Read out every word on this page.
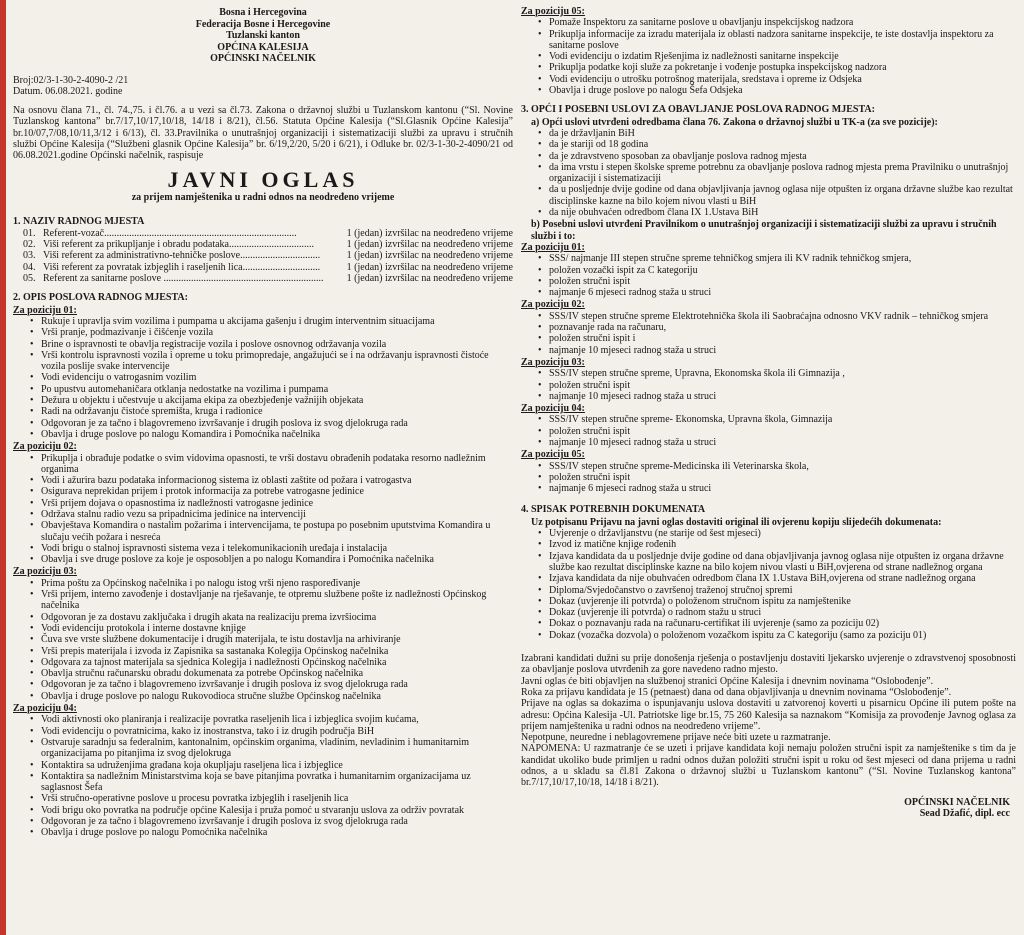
Bosna i Hercegovina
Federacija Bosne i Hercegovine
Tuzlanski kanton
OPĆINA KALESIJA
OPĆINSKI NAČELNIK
Broj:02/3-1-30-2-4090-2 /21
Datum. 06.08.2021. godine
Na osnovu člana 71., čl. 74.,75. i čl.76. a u vezi sa čl.73. Zakona o državnoj službi u Tuzlanskom kantonu (“Sl. Novine Tuzlanskog kantona” br.7/17,10/17,10/18, 14/18 i 8/21), čl.56. Statuta Općine Kalesija (“Sl.Glasnik Općine Kalesija” br.10/07,7/08,10/11,3/12 i 6/13), čl. 33.Pravilnika o unutrašnjoj organizaciji i sistematizaciji službi za upravu i stručnih službi Općine Kalesija (“Službeni glasnik Općine Kalesija” br. 6/19,2/20, 5/20 i 6/21), i Odluke br. 02/3-1-30-2-4090/21 od 06.08.2021.godine Općinski načelnik, raspisuje
JAVNI OGLAS
za prijem namještenika u radni odnos na neodređeno vrijeme
1. NAZIV RADNOG MJESTA
01. Referent-vozač.............................................................................	1 (jedan) izvršilac na neodređeno vrijeme
02. Viši referent za prikupljanje i obradu podataka..................................	1 (jedan) izvršilac na neodređeno vrijeme
03. Viši referent za administrativno-tehničke poslove................................	1 (jedan) izvršilac na neodređeno vrijeme
04. Viši referent za povratak izbjeglih i raseljenih lica...............................	1 (jedan) izvršilac na neodređeno vrijeme
05. Referent za sanitarne poslove ................................................................	1 (jedan) izvršilac na neodređeno vrijeme
2. OPIS POSLOVA RADNOG MJESTA:
Za poziciju 01:
• Rukuje i upravlja svim vozilima i pumpama u akcijama gašenju i drugim interventnim situacijama
• Vrši pranje, podmazivanje i čišćenje vozila
• Brine o ispravnosti te obavlja registracije vozila i poslove osnovnog održavanja vozila
• Vrši kontrolu ispravnosti vozila i opreme u toku primopredaje, angažujući se i na održavanju ispravnosti čistoće vozila poslije svake intervencije
• Vodi evidenciju o vatrogasnim vozilim
• Po upustvu automehaničara otklanja nedostatke na vozilima i pumpama
• Dežura u objektu i učestvuje u akcijama ekipa za obezbjeđenje važnijih objekata
• Radi na održavanju čistoće spremišta, kruga i radionice
• Odgovoran je za tačno i blagovremeno izvršavanje i drugih poslova iz svog djelokruga rada
• Obavlja i druge poslove po nalogu Komandira i Pomoćnika načelnika
Za poziciju 02:
• Prikuplja i obrađuje podatke o svim vidovima opasnosti, te vrši dostavu obrađenih podataka resorno nadležnim organima
• Vodi i ažurira bazu podataka informacionog sistema iz oblasti zaštite od požara i vatrogastva
• Osigurava neprekidan prijem i protok informacija za potrebe vatrogasne jedinice
• Vrši prijem dojava o opasnostima iz nadležnosti vatrogasne jedinice
• Održava stalnu radio vezu sa pripadnicima jedinice na intervenciji
• Obavještava Komandira o nastalim požarima i intervencijama, te postupa po posebnim uputstvima Komandira u slučaju većih požara i nesreća
• Vodi brigu o stalnoj ispravnosti sistema veza i telekomunikacionih uređaja i instalacija
• Obavlja i sve druge poslove za koje je osposobljen a po nalogu Komandira i Pomoćnika načelnika
Za poziciju 03:
• Prima poštu za Općinskog načelnika i po nalogu istog vrši njeno raspoređivanje
• Vrši prijem, interno zavođenje i dostavljanje na rješavanje, te otpremu službene pošte iz nadležnosti Općinskog načelnika
• Odgovoran je za dostavu zaključaka i drugih akata na realizaciju prema izvršiocima
• Vodi evidenciju protokola i interne dostavne knjige
• Čuva sve vrste službene dokumentacije i drugih materijala, te istu dostavlja na arhiviranje
• Vrši prepis materijala i izvoda iz Zapisnika sa sastanaka Kolegija Općinskog načelnika
• Odgovara za tajnost materijala sa sjednica Kolegija i nadležnosti Općinskog načelnika
• Obavlja stručnu računarsku obradu dokumenata za potrebe Općinskog načelnika
• Odgovoran je za tačno i blagovremeno izvršavanje i drugih poslova iz svog djelokruga rada
• Obavlja i druge poslove po nalogu Rukovodioca stručne službe Općinskog načelnika
Za poziciju 04:
• Vodi aktivnosti oko planiranja i realizacije povratka raseljenih lica i izbjeglica svojim kućama,
• Vodi evidenciju o povratnicima, kako iz inostranstva, tako i iz drugih područja BiH
• Ostvaruje saradnju sa federalnim, kantonalnim, općinskim organima, vladinim, nevladinim i humanitarnim organizacijama po pitanjima iz svog djelokruga
• Kontaktira sa udruženjima građana koja okupljaju raseljena lica i izbjeglice
• Kontaktira sa nadležnim Ministarstvima koja se bave pitanjima povratka i humanitarnim organizacijama uz saglasnost Šefa
• Vrši stručno-operativne poslove u procesu povratka izbjeglih i raseljenih lica
• Vodi brigu oko povratka na područje općine Kalesija i pruža pomoć u stvaranju uslova za održiv povratak
• Odgovoran je za tačno i blagovremeno izvršavanje i drugih poslova iz svog djelokruga rada
• Obavlja i druge poslove po nalogu Pomoćnika načelnika
Za poziciju 05:
• Pomaže Inspektoru za sanitarne poslove u obavljanju inspekcijskog nadzora
• Prikuplja informacije za izradu materijala iz oblasti nadzora sanitarne inspekcije, te iste dostavlja inspektoru za sanitarne poslove
• Vodi evidenciju o izdatim Rješenjima iz nadležnosti sanitarne inspekcije
• Prikuplja podatke koji služe za pokretanje i vođenje postupka inspekcijskog nadzora
• Vodi evidenciju o utrošku potrošnog materijala, sredstava i opreme iz Odsjeka
• Obavlja i druge poslove po nalogu Šefa Odsjeka
3. OPĆI I POSEBNI USLOVI ZA OBAVLJANJE POSLOVA RADNOG MJESTA:
a) Opći uslovi utvrđeni odredbama člana 76. Zakona o državnoj službi u TK-a (za sve pozicije):
• da je državljanin BiH
• da je stariji od 18 godina
• da je zdravstveno sposoban za obavljanje poslova radnog mjesta
• da ima vrstu i stepen školske spreme potrebnu za obavljanje poslova radnog mjesta prema Pravilniku o unutrašnjoj organizaciji i sistematizaciji
• da u posljednje dvije godine od dana objavljivanja javnog oglasa nije otpušten iz organa državne službe kao rezultat disciplinske kazne na bilo kojem nivou vlasti u BiH
• da nije obuhvaćen odredbom člana IX 1.Ustava BiH
b) Posebni uslovi utvrđeni Pravilnikom o unutrašnjoj organizaciji i sistematizaciji službi za upravu i stručnih službi i to:
Za poziciju 01:
• SSS/ najmanje III stepen stručne spreme tehničkog smjera ili KV radnik tehničkog smjera,
• položen vozački ispit za C kategoriju
• položen stručni ispit
• najmanje 6 mjeseci radnog staža u struci
Za poziciju 02:
• SSS/IV stepen stručne spreme Elektrotehnička škola ili Saobraćajna odnosno VKV radnik – tehničkog smjera
• poznavanje rada na računaru,
• položen stručni ispit i
• najmanje 10 mjeseci radnog staža u struci
Za poziciju 03:
• SSS/IV stepen stručne spreme, Upravna, Ekonomska škola ili Gimnazija ,
• položen stručni ispit
• najmanje 10 mjeseci radnog staža u struci
Za poziciju 04:
• SSS/IV stepen stručne spreme- Ekonomska, Upravna škola, Gimnazija
• položen stručni ispit
• najmanje 10 mjeseci radnog staža u struci
Za poziciju 05:
• SSS/IV stepen stručne spreme-Medicinska ili Veterinarska škola,
• položen stručni ispit
• najmanje 6 mjeseci radnog staža u struci
4. SPISAK POTREBNIH DOKUMENATA
Uz potpisanu Prijavu na javni oglas dostaviti original ili ovjerenu kopiju slijedećih dokumenata:
• Uvjerenje o državljanstvu (ne starije od šest mjeseci)
• Izvod iz matične knjige rođenih
• Izjava kandidata da u posljednje dvije godine od dana objavljivanja javnog oglasa nije otpušten iz organa državne službe kao rezultat disciplinske kazne na bilo kojem nivou vlasti u BiH,ovjerena od strane nadležnog organa
• Izjava kandidata da nije obuhvaćen odredbom člana IX 1.Ustava BiH,ovjerena od strane nadležnog organa
• Diploma/Svjedočanstvo o završenoj traženoj stručnoj spremi
• Dokaz (uvjerenje ili potvrda) o položenom stručnom ispitu za namještenike
• Dokaz (uvjerenje ili potvrda) o radnom stažu u struci
• Dokaz o poznavanju rada na računaru-certifikat ili uvjerenje (samo za poziciju 02)
• Dokaz (vozačka dozvola) o položenom vozačkom ispitu za C kategoriju (samo za poziciju 01)

Izabrani kandidati dužni su prije donošenja rješenja o postavljenju dostaviti ljekarsko uvjerenje o zdravstvenoj sposobnosti za obavljanje poslova utvrđenih za gore navedeno radno mjesto.

Javni oglas će biti objavljen na službenoj stranici Općine Kalesija i dnevnim novinama “Oslobođenje”.

Roka za prijavu kandidata je 15 (petnaest) dana od dana objavljivanja u dnevnim novinama “Oslobođenje”.

Prijave na oglas sa dokazima o ispunjavanju uslova dostaviti u zatvorenoj koverti u pisarnicu Općine ili putem pošte na adresu: Općina Kalesija -Ul. Patriotske lige br.15, 75 260 Kalesija sa naznakom “Komisija za provođenje Javnog oglasa za prijem namještenika u radni odnos na neodređeno vrijeme”.

Nepotpune, neuredne i neblagovremene prijave neće biti uzete u razmatranje.

NAPOMENA: U razmatranje će se uzeti i prijave kandidata koji nemaju položen stručni ispit za namještenike s tim da je kandidat ukoliko bude primljen u radni odnos dužan položiti stručni ispit u roku od šest mjeseci od dana prijema u radni odnos, a u skladu sa čl.81 Zakona o državnoj službi u Tuzlanskom kantonu” (“Sl. Novine Tuzlanskog kantona” br.7/17,10/17,10/18, 14/18 i 8/21).

OPĆINSKI NAČELNIK
Sead Džafić, dipl. ecc
